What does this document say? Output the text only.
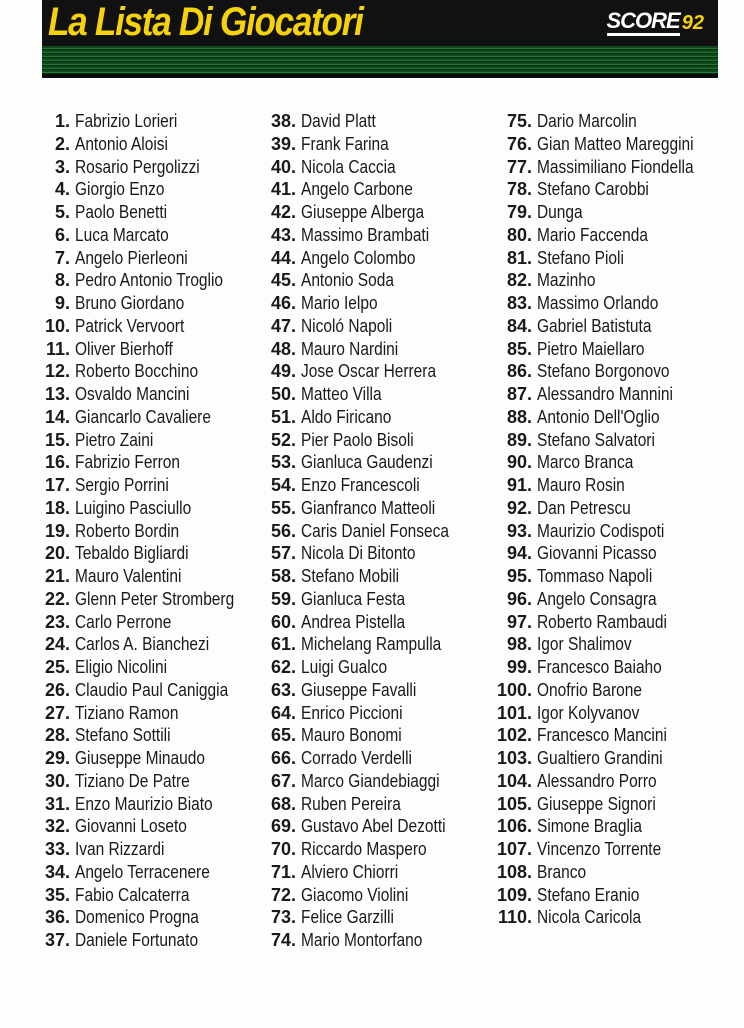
La Lista Di Giocatori	SCORE 92
1. Fabrizio Lorieri
2. Antonio Aloisi
3. Rosario Pergolizzi
4. Giorgio Enzo
5. Paolo Benetti
6. Luca Marcato
7. Angelo Pierleoni
8. Pedro Antonio Troglio
9. Bruno Giordano
10. Patrick Vervoort
11. Oliver Bierhoff
12. Roberto Bocchino
13. Osvaldo Mancini
14. Giancarlo Cavaliere
15. Pietro Zaini
16. Fabrizio Ferron
17. Sergio Porrini
18. Luigino Pasciullo
19. Roberto Bordin
20. Tebaldo Bigliardi
21. Mauro Valentini
22. Glenn Peter Stromberg
23. Carlo Perrone
24. Carlos A. Bianchezi
25. Eligio Nicolini
26. Claudio Paul Caniggia
27. Tiziano Ramon
28. Stefano Sottili
29. Giuseppe Minaudo
30. Tiziano De Patre
31. Enzo Maurizio Biato
32. Giovanni Loseto
33. Ivan Rizzardi
34. Angelo Terracenere
35. Fabio Calcaterra
36. Domenico Progna
37. Daniele Fortunato
38. David Platt
39. Frank Farina
40. Nicola Caccia
41. Angelo Carbone
42. Giuseppe Alberga
43. Massimo Brambati
44. Angelo Colombo
45. Antonio Soda
46. Mario Ielpo
47. Nicoló Napoli
48. Mauro Nardini
49. Jose Oscar Herrera
50. Matteo Villa
51. Aldo Firicano
52. Pier Paolo Bisoli
53. Gianluca Gaudenzi
54. Enzo Francescoli
55. Gianfranco Matteoli
56. Caris Daniel Fonseca
57. Nicola Di Bitonto
58. Stefano Mobili
59. Gianluca Festa
60. Andrea Pistella
61. Michelang Rampulla
62. Luigi Gualco
63. Giuseppe Favalli
64. Enrico Piccioni
65. Mauro Bonomi
66. Corrado Verdelli
67. Marco Giandebiaggi
68. Ruben Pereira
69. Gustavo Abel Dezotti
70. Riccardo Maspero
71. Alviero Chiorri
72. Giacomo Violini
73. Felice Garzilli
74. Mario Montorfano
75. Dario Marcolin
76. Gian Matteo Mareggini
77. Massimiliano Fiondella
78. Stefano Carobbi
79. Dunga
80. Mario Faccenda
81. Stefano Pioli
82. Mazinho
83. Massimo Orlando
84. Gabriel Batistuta
85. Pietro Maiellaro
86. Stefano Borgonovo
87. Alessandro Mannini
88. Antonio Dell'Oglio
89. Stefano Salvatori
90. Marco Branca
91. Mauro Rosin
92. Dan Petrescu
93. Maurizio Codispoti
94. Giovanni Picasso
95. Tommaso Napoli
96. Angelo Consagra
97. Roberto Rambaudi
98. Igor Shalimov
99. Francesco Baiaho
100. Onofrio Barone
101. Igor Kolyvanov
102. Francesco Mancini
103. Gualtiero Grandini
104. Alessandro Porro
105. Giuseppe Signori
106. Simone Braglia
107. Vincenzo Torrente
108. Branco
109. Stefano Eranio
110. Nicola Caricola
